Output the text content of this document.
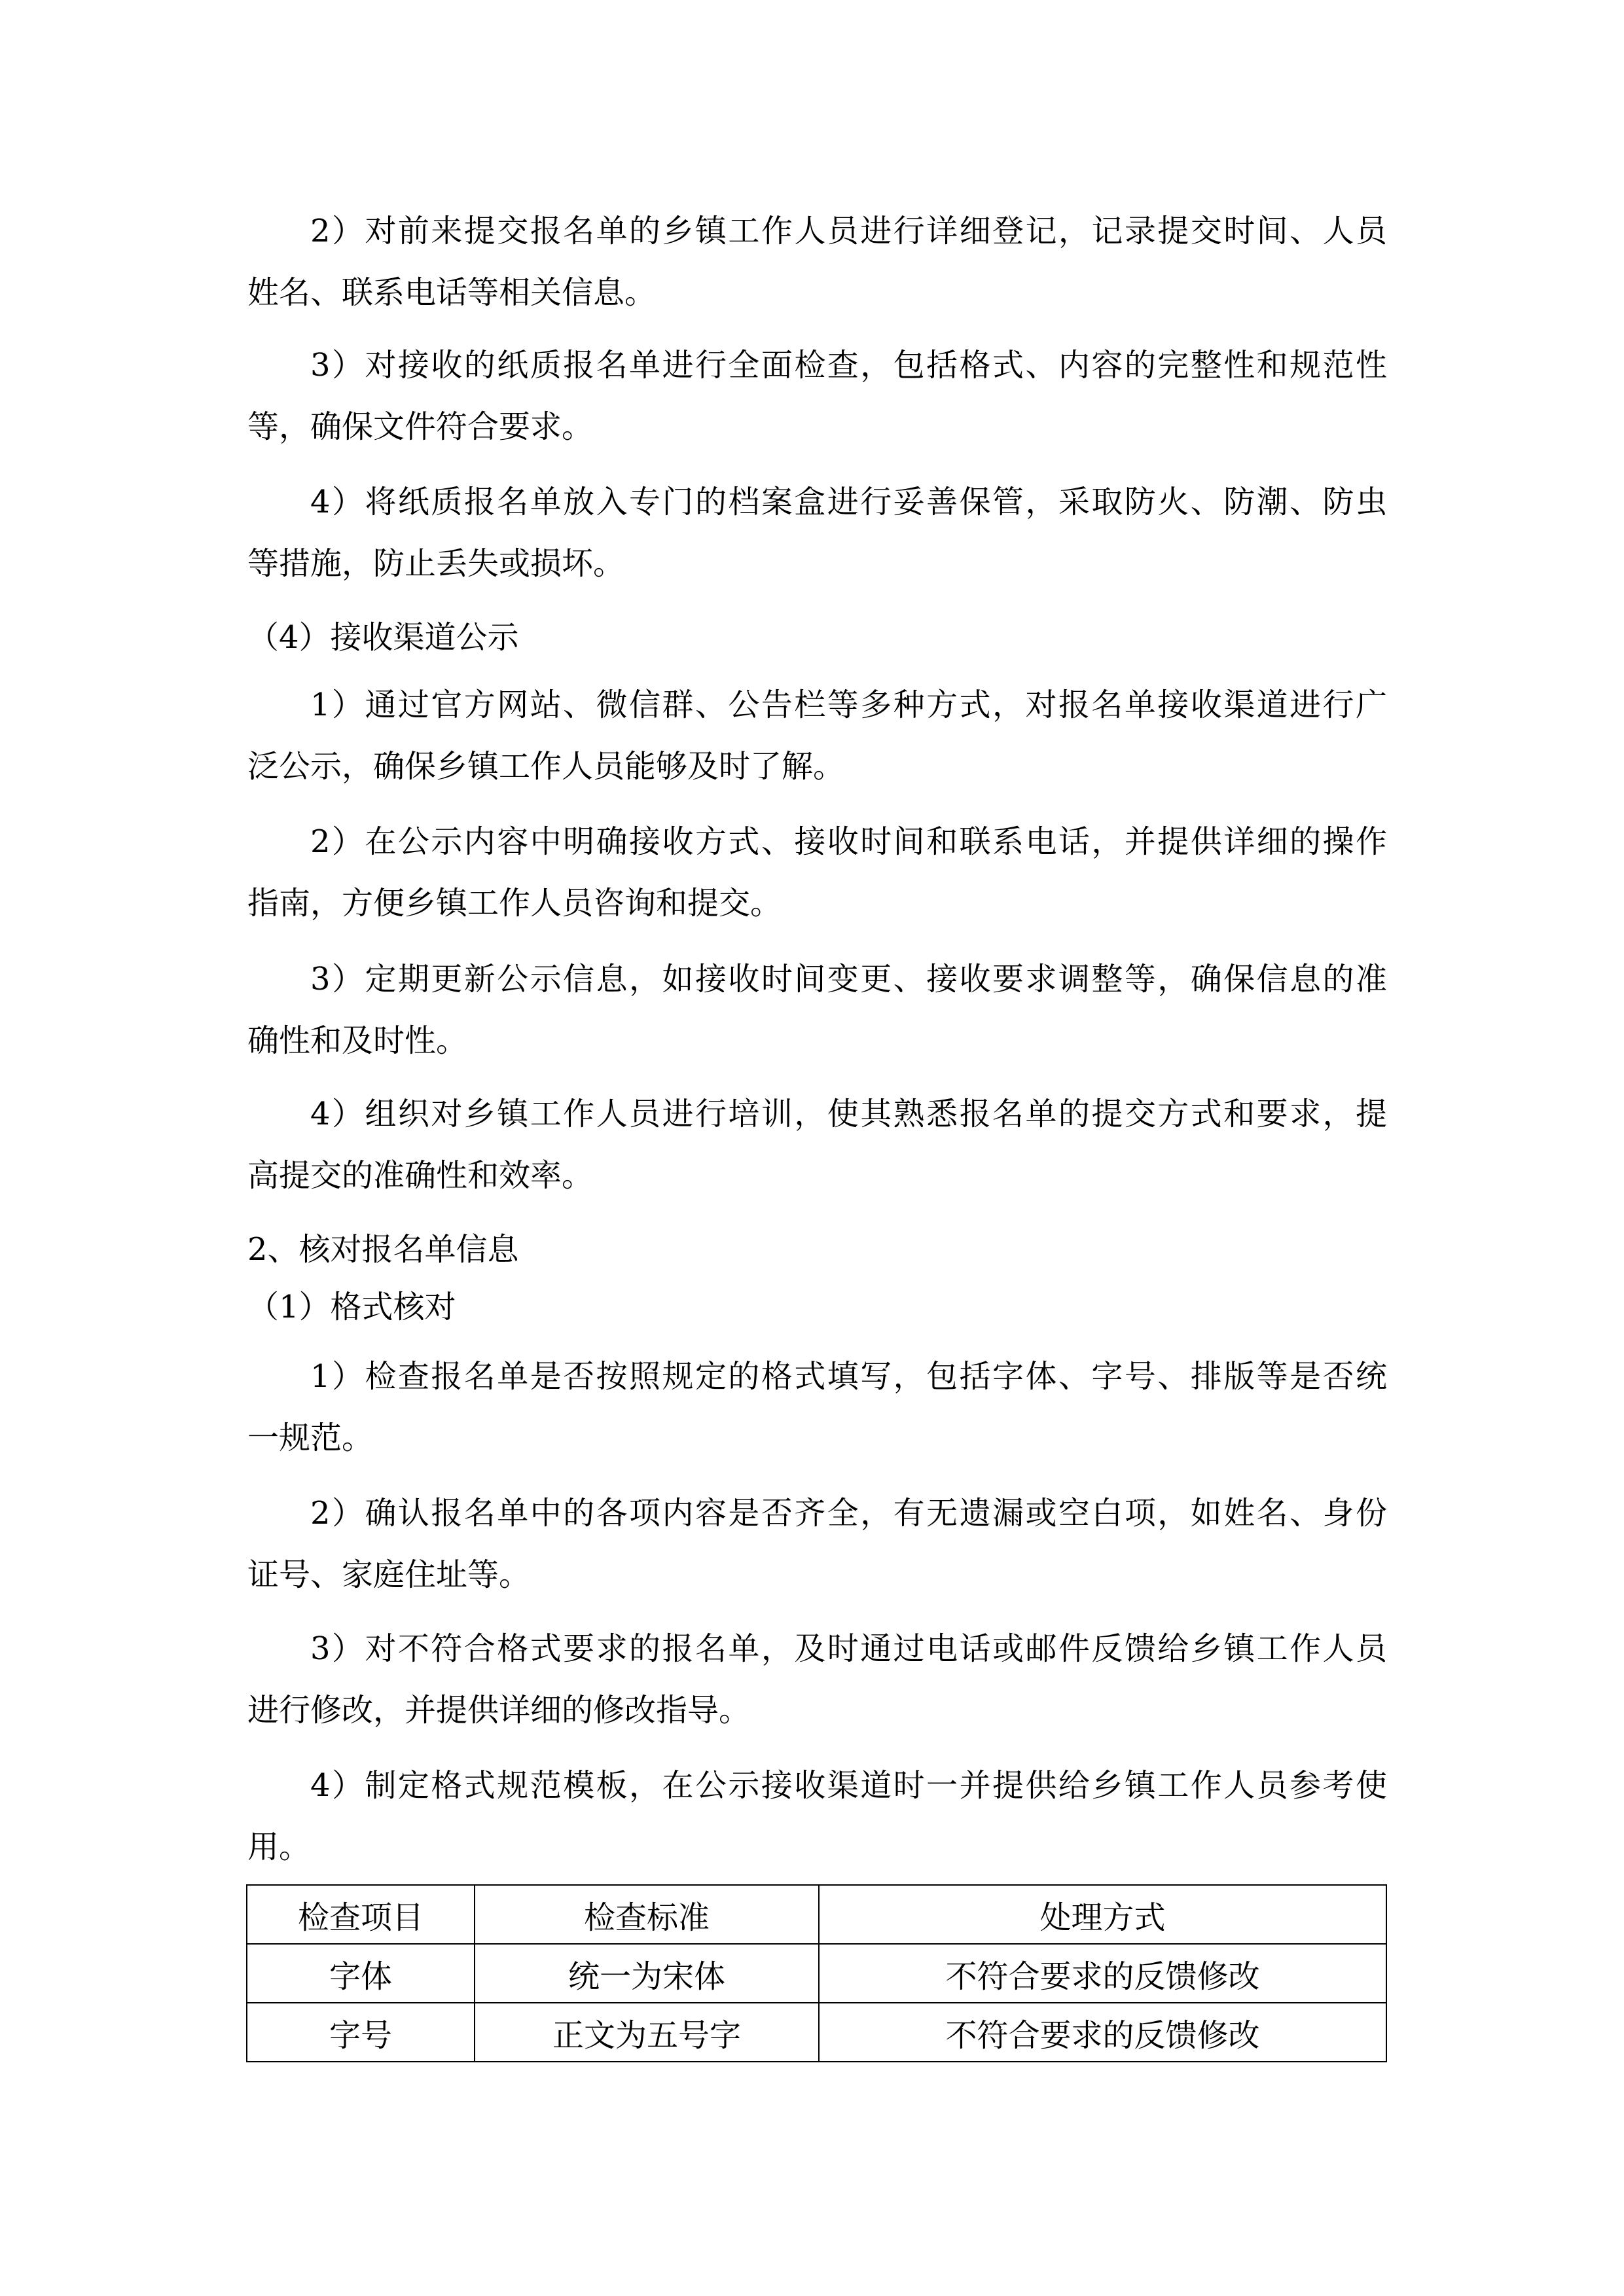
2）对前来提交报名单的乡镇工作人员进行详细登记，记录提交时间、人员
姓名、联系电话等相关信息。
3）对接收的纸质报名单进行全面检查，包括格式、内容的完整性和规范性
等，确保文件符合要求。
4）将纸质报名单放入专门的档案盒进行妥善保管，采取防火、防潮、防虫
等措施，防止丢失或损坏。
（4）接收渠道公示
1）通过官方网站、微信群、公告栏等多种方式，对报名单接收渠道进行广
泛公示，确保乡镇工作人员能够及时了解。
2）在公示内容中明确接收方式、接收时间和联系电话，并提供详细的操作
指南，方便乡镇工作人员咨询和提交。
3）定期更新公示信息，如接收时间变更、接收要求调整等，确保信息的准
确性和及时性。
4）组织对乡镇工作人员进行培训，使其熟悉报名单的提交方式和要求，提
高提交的准确性和效率。
2、核对报名单信息
（1）格式核对
1）检查报名单是否按照规定的格式填写，包括字体、字号、排版等是否统
一规范。
2）确认报名单中的各项内容是否齐全，有无遗漏或空白项，如姓名、身份
证号、家庭住址等。
3）对不符合格式要求的报名单，及时通过电话或邮件反馈给乡镇工作人员
进行修改，并提供详细的修改指导。
4）制定格式规范模板，在公示接收渠道时一并提供给乡镇工作人员参考使
用。
检查项目	检查标准	处理方式
字体	统一为宋体	不符合要求的反馈修改
字号	正文为五号字	不符合要求的反馈修改
